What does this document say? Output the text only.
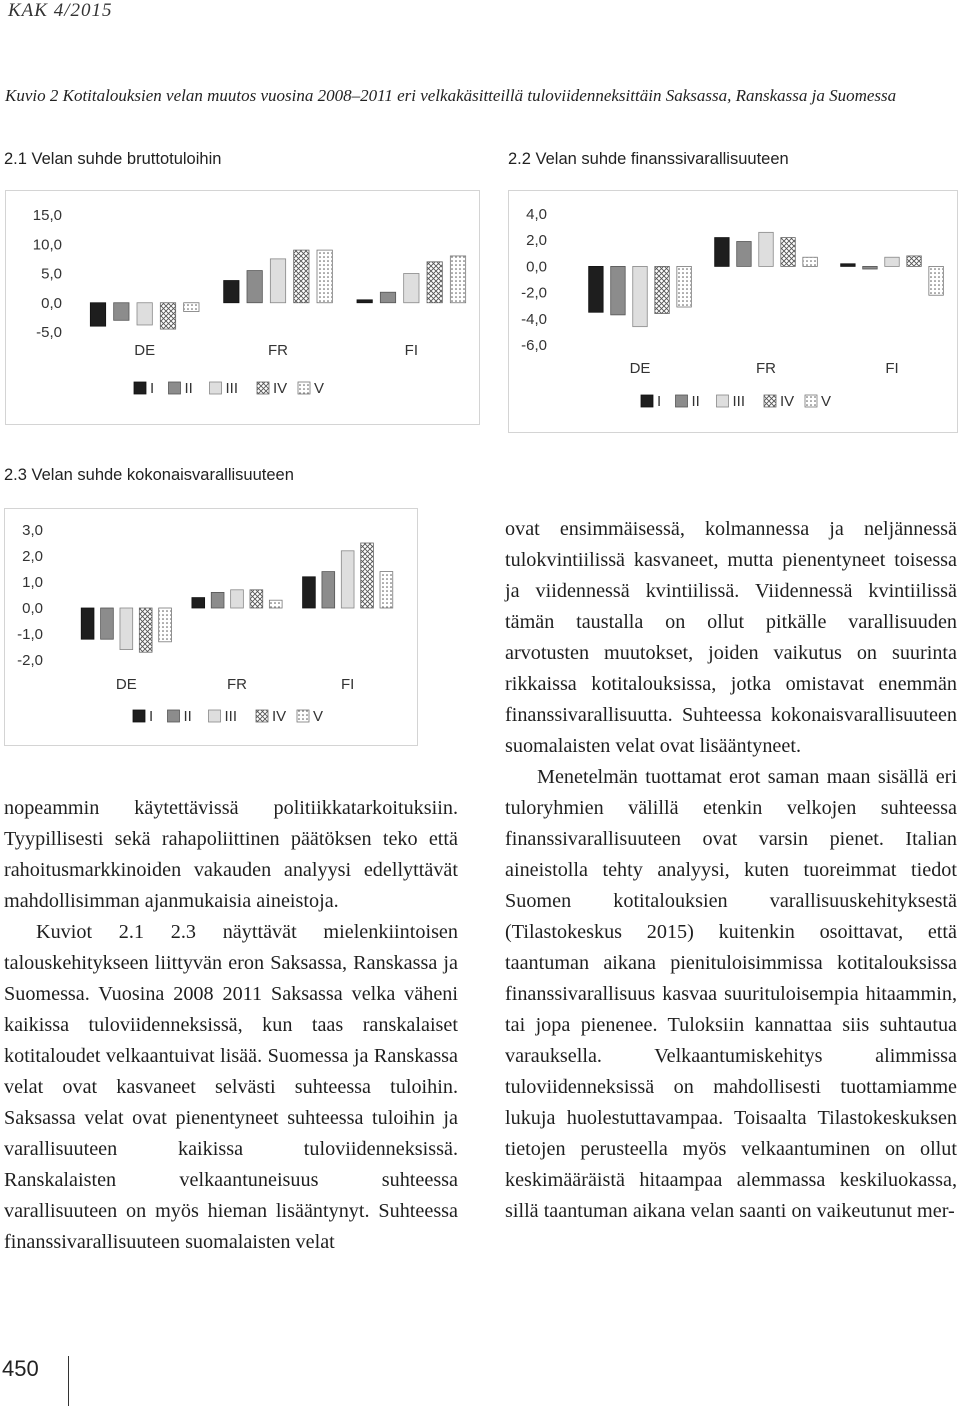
KAK 4/2015
Kuvio 2 Kotitalouksien velan muutos vuosina 2008–2011 eri velkakäsitteillä tuloviidenneksittäin Saksassa, Ranskassa ja Suomessa
2.1 Velan suhde bruttotuloihin
15,0
10,0
5,0
0,0
-5,0
DE	FR	FI
I II III IV V
2.2 Velan suhde finanssivarallisuuteen
4,0
2,0
0,0
-2,0
-4,0
-6,0
DE	FR	FI
I II III IV V
2.3 Velan suhde kokonaisvarallisuuteen
3,0
2,0
1,0
0,0
-1,0
-2,0
DE	FR	FI
I II III IV V

nopeammin käytettävissä politiikkatarkoituksiin. Tyypillisesti sekä rahapoliittinen päätöksen teko että rahoitusmarkkinoiden vakauden analyysi edellyttävät mahdollisimman ajanmukaisia aineistoja.

Kuviot 2.1 2.3 näyttävät mielenkiintoisen talouskehitykseen liittyvän eron Saksassa, Ranskassa ja Suomessa. Vuosina 2008 2011 Saksassa velka väheni kaikissa tuloviidenneksissä, kun taas ranskalaiset kotitaloudet velkaantuivat lisää. Suomessa ja Ranskassa velat ovat kasvaneet selvästi suhteessa tuloihin. Saksassa velat ovat pienentyneet suhteessa tuloihin ja varallisuuteen kaikissa tuloviidenneksissä. Ranskalaisten velkaantuneisuus suhteessa varallisuuteen on myös hieman lisääntynyt. Suhteessa finanssivarallisuuteen suomalaisten velat

ovat ensimmäisessä, kolmannessa ja neljännessä tulokvintiilissä kasvaneet, mutta pienentyneet toisessa ja viidennessä kvintiilissä. Viidennessä kvintiilissä tämän taustalla on ollut pitkälle varallisuuden arvotusten muutokset, joiden vaikutus on suurinta rikkaissa kotitalouksissa, jotka omistavat enemmän finanssivarallisuutta. Suhteessa kokonaisvarallisuuteen suomalaisten velat ovat lisääntyneet.

Menetelmän tuottamat erot saman maan sisällä eri tuloryhmien välillä etenkin velkojen suhteessa finanssivarallisuuteen ovat varsin pienet. Italian aineistolla tehty analyysi, kuten tuoreimmat tiedot Suomen kotitalouksien varallisuuskehityksestä (Tilastokeskus 2015) kuitenkin osoittavat, että taantuman aikana pienituloisimmissa kotitalouksissa finanssivarallisuus kasvaa suurituloisempia hitaammin, tai jopa pienenee. Tuloksiin kannattaa siis suhtautua varauksella. Velkaantumiskehitys alimmissa tuloviidenneksissä on mahdollisesti tuottamiamme lukuja huolestuttavampaa. Toisaalta Tilastokeskuksen tietojen perusteella myös velkaantuminen on ollut keskimääräistä hitaampaa alemmassa keskiluokassa, sillä taantuman aikana velan saanti on vaikeutunut mer-

450
